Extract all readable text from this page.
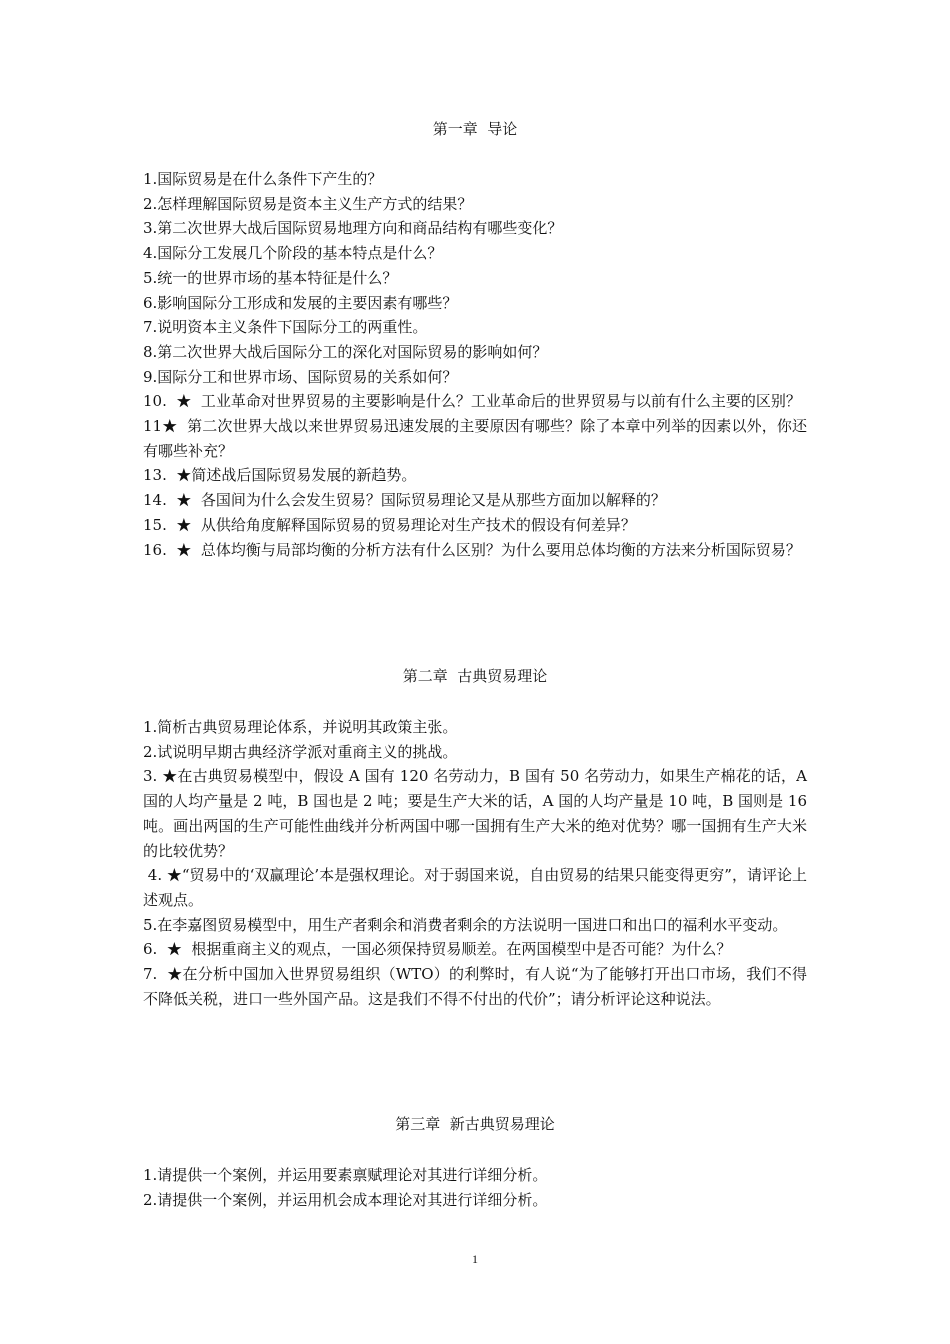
第一章  导论
1.国际贸易是在什么条件下产生的？
2.怎样理解国际贸易是资本主义生产方式的结果？
3.第二次世界大战后国际贸易地理方向和商品结构有哪些变化？
4.国际分工发展几个阶段的基本特点是什么？
5.统一的世界市场的基本特征是什么？
6.影响国际分工形成和发展的主要因素有哪些？
7.说明资本主义条件下国际分工的两重性。
8.第二次世界大战后国际分工的深化对国际贸易的影响如何？
9.国际分工和世界市场、国际贸易的关系如何？
10.  ★  工业革命对世界贸易的主要影响是什么？工业革命后的世界贸易与以前有什么主要的区别？
11★  第二次世界大战以来世界贸易迅速发展的主要原因有哪些？除了本章中列举的因素以外，你还有哪些补充？
13.  ★简述战后国际贸易发展的新趋势。
14.  ★  各国间为什么会发生贸易？国际贸易理论又是从那些方面加以解释的？
15.  ★  从供给角度解释国际贸易的贸易理论对生产技术的假设有何差异？
16.  ★  总体均衡与局部均衡的分析方法有什么区别？为什么要用总体均衡的方法来分析国际贸易？
第二章  古典贸易理论
1.简析古典贸易理论体系，并说明其政策主张。
2.试说明早期古典经济学派对重商主义的挑战。
3. ★在古典贸易模型中，假设 A 国有 120 名劳动力，B 国有 50 名劳动力，如果生产棉花的话，A 国的人均产量是 2 吨，B 国也是 2 吨；要是生产大米的话，A 国的人均产量是 10 吨，B 国则是 16 吨。画出两国的生产可能性曲线并分析两国中哪一国拥有生产大米的绝对优势？哪一国拥有生产大米的比较优势？
4. ★“贸易中的‘双赢理论’本是强权理论。对于弱国来说，自由贸易的结果只能变得更穷”，请评论上述观点。
5.在李嘉图贸易模型中，用生产者剩余和消费者剩余的方法说明一国进口和出口的福利水平变动。
6.  ★  根据重商主义的观点，一国必须保持贸易顺差。在两国模型中是否可能？为什么？
7.  ★在分析中国加入世界贸易组织（WTO）的利弊时，有人说“为了能够打开出口市场，我们不得不降低关税，进口一些外国产品。这是我们不得不付出的代价”；请分析评论这种说法。
第三章  新古典贸易理论
1.请提供一个案例，并运用要素禀赋理论对其进行详细分析。
2.请提供一个案例，并运用机会成本理论对其进行详细分析。
1
